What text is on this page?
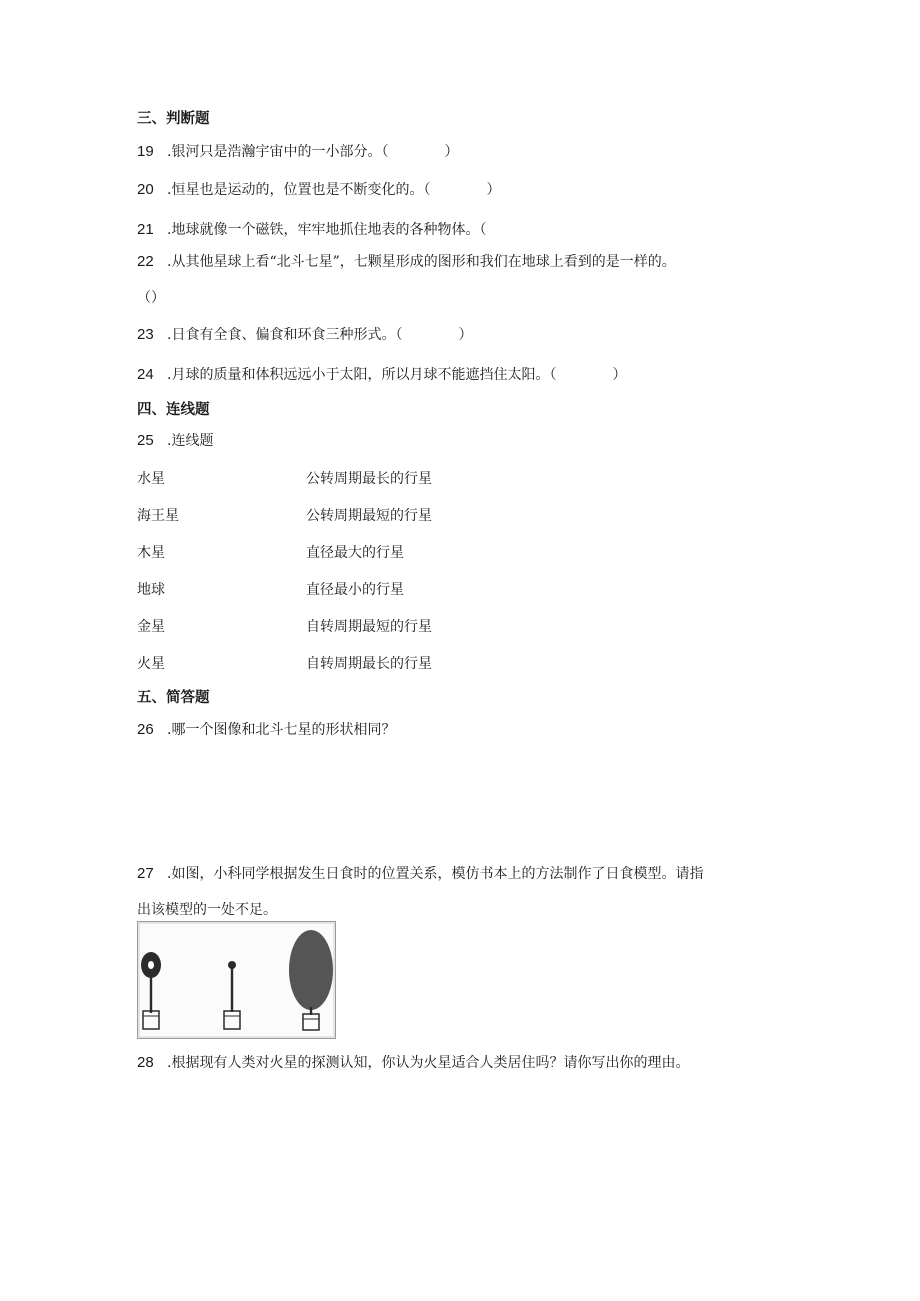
三、判断题
19 .银河只是浩瀚宇宙中的一小部分。（　　　　）
20 .恒星也是运动的，位置也是不断变化的。（　　　　）
21 .地球就像一个磁铁，牢牢地抓住地表的各种物体。（
22 .从其他星球上看“北斗七星”，七颗星形成的图形和我们在地球上看到的是一样的。
（）
23 .日食有全食、偏食和环食三种形式。（　　　　）
24 .月球的质量和体积远远小于太阳，所以月球不能遮挡住太阳。（　　　　）
四、连线题
25 .连线题
水星	公转周期最长的行星
海王星	公转周期最短的行星
木星	直径最大的行星
地球	直径最小的行星
金星	自转周期最短的行星
火星	自转周期最长的行星
五、简答题
26 .哪一个图像和北斗七星的形状相同？
27 .如图，小科同学根据发生日食时的位置关系，模仿书本上的方法制作了日食模型。请指
出该模型的一处不足。
28 .根据现有人类对火星的探测认知，你认为火星适合人类居住吗？请你写出你的理由。
